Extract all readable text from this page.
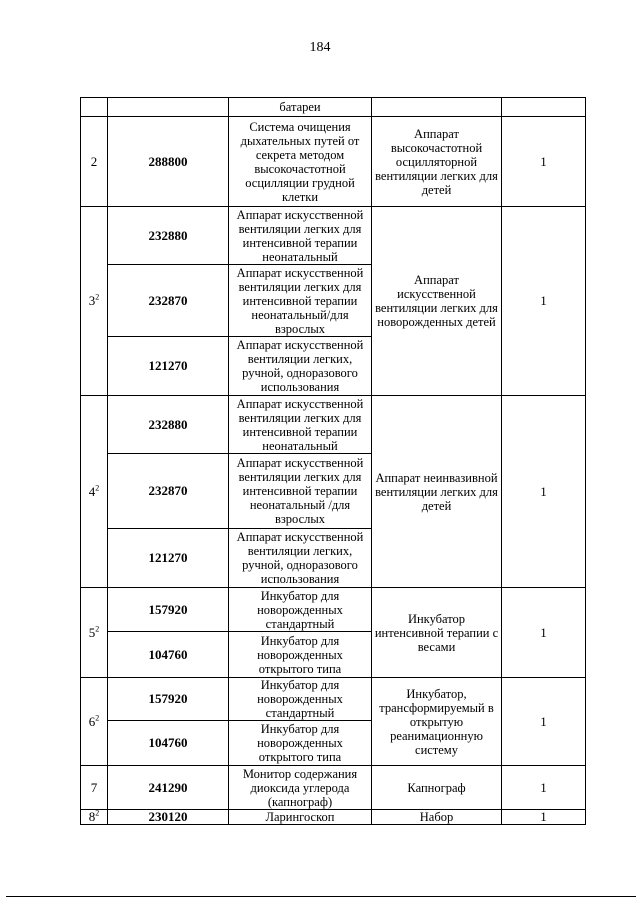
184
		батареи		
2	288800	Система очищения дыхательных путей от секрета методом высокочастотной осцилляции грудной клетки	Аппарат высокочастотной осцилляторной вентиляции легких для детей	1
$3^2$	232880	Аппарат искусственной вентиляции легких для интенсивной терапии неонатальный	Аппарат искусственной вентиляции легких для новорожденных детей	1
	232870	Аппарат искусственной вентиляции легких для интенсивной терапии неонатальный/для взрослых		
	121270	Аппарат искусственной вентиляции легких, ручной, одноразового использования		
$4^2$	232880	Аппарат искусственной вентиляции легких для интенсивной терапии неонатальный	Аппарат неинвазивной вентиляции легких для детей	1
	232870	Аппарат искусственной вентиляции легких для интенсивной терапии неонатальный /для взрослых		
	121270	Аппарат искусственной вентиляции легких, ручной, одноразового использования		
$5^2$	157920	Инкубатор для новорожденных стандартный	Инкубатор интенсивной терапии с весами	1
	104760	Инкубатор для новорожденных открытого типа		
$6^2$	157920	Инкубатор для новорожденных стандартный	Инкубатор, трансформируемый в открытую реанимационную систему	1
	104760	Инкубатор для новорожденных открытого типа		
7	241290	Монитор содержания диоксида углерода (капнограф)	Капнограф	1
$8^2$	230120	Ларингоскоп	Набор	1
